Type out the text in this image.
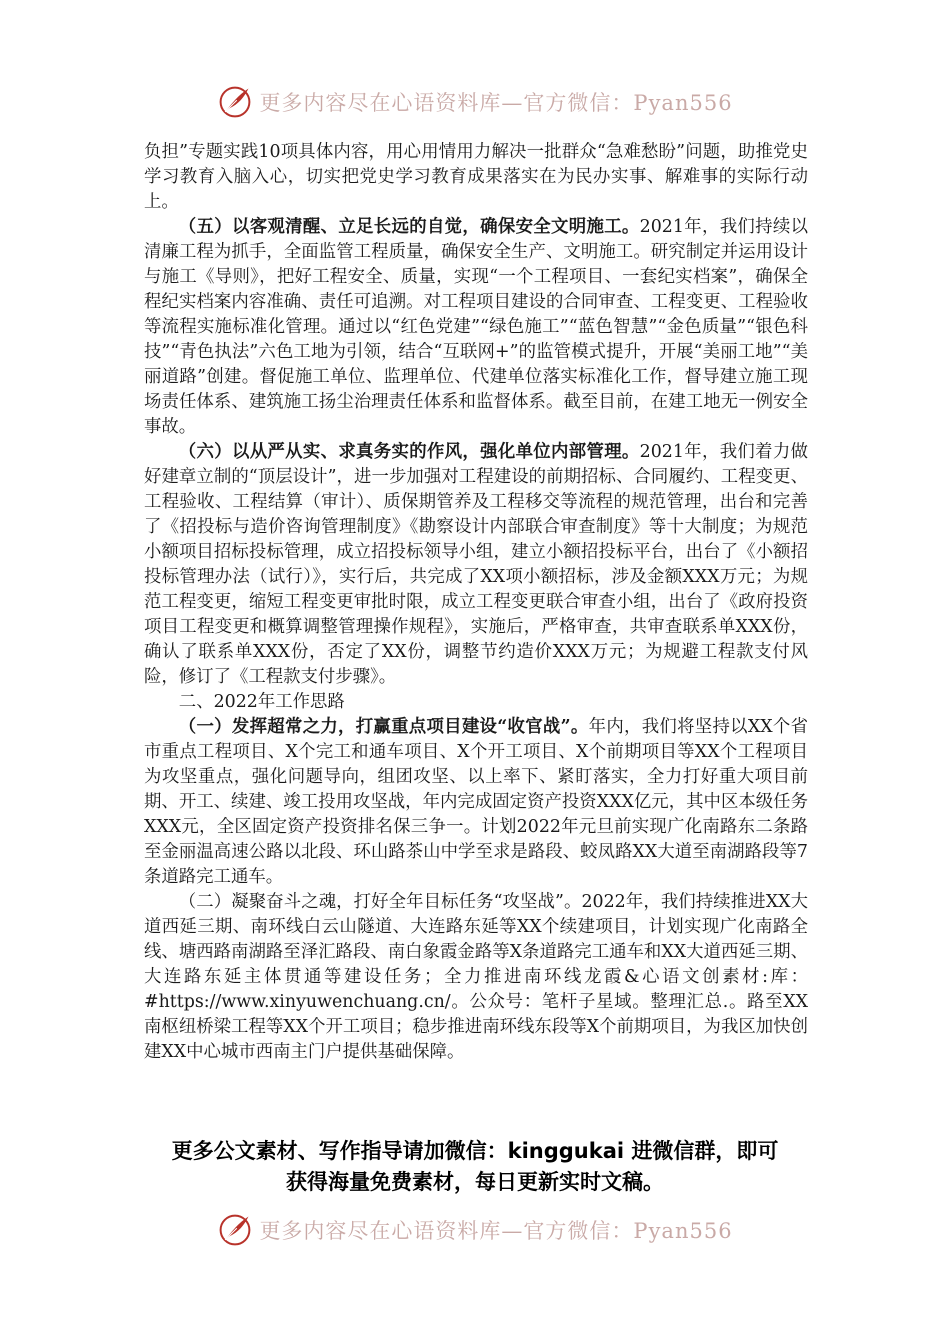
更多内容尽在心语资料库—官方微信：Pyan556

负担”专题实践10项具体内容，用心用情用力解决一批群众“急难愁盼”问题，助推党史学习教育入脑入心，切实把党史学习教育成果落实在为民办实事、解难事的实际行动上。

（五）以客观清醒、立足长远的自觉，确保安全文明施工。2021年，我们持续以清廉工程为抓手，全面监管工程质量，确保安全生产、文明施工。研究制定并运用设计与施工《导则》，把好工程安全、质量，实现“一个工程项目、一套纪实档案”，确保全程纪实档案内容准确、责任可追溯。对工程项目建设的合同审查、工程变更、工程验收等流程实施标准化管理。通过以“红色党建”“绿色施工”“蓝色智慧”“金色质量”“银色科技”“青色执法”六色工地为引领，结合“互联网+”的监管模式提升，开展“美丽工地”“美丽道路”创建。督促施工单位、监理单位、代建单位落实标准化工作，督导建立施工现场责任体系、建筑施工扬尘治理责任体系和监督体系。截至目前，在建工地无一例安全事故。

（六）以从严从实、求真务实的作风，强化单位内部管理。2021年，我们着力做好建章立制的“顶层设计”，进一步加强对工程建设的前期招标、合同履约、工程变更、工程验收、工程结算（审计）、质保期管养及工程移交等流程的规范管理，出台和完善了《招投标与造价咨询管理制度》《勘察设计内部联合审查制度》等十大制度；为规范小额项目招标投标管理，成立招投标领导小组，建立小额招投标平台，出台了《小额招投标管理办法（试行）》，实行后，共完成了XX项小额招标，涉及金额XXX万元；为规范工程变更，缩短工程变更审批时限，成立工程变更联合审查小组，出台了《政府投资项目工程变更和概算调整管理操作规程》，实施后，严格审查，共审查联系单XXX份，确认了联系单XXX份，否定了XX份，调整节约造价XXX万元；为规避工程款支付风险，修订了《工程款支付步骤》。

二、2022年工作思路

（一）发挥超常之力，打赢重点项目建设“收官战”。年内，我们将坚持以XX个省市重点工程项目、X个完工和通车项目、X个开工项目、X个前期项目等XX个工程项目为攻坚重点，强化问题导向，组团攻坚、以上率下、紧盯落实，全力打好重大项目前期、开工、续建、竣工投用攻坚战，年内完成固定资产投资XXX亿元，其中区本级任务XXX元，全区固定资产投资排名保三争一。计划2022年元旦前实现广化南路东二条路至金丽温高速公路以北段、环山路茶山中学至求是路段、蛟凤路XX大道至南湖路段等7条道路完工通车。

（二）凝聚奋斗之魂，打好全年目标任务“攻坚战”。2022年，我们持续推进XX大道西延三期、南环线白云山隧道、大连路东延等XX个续建项目，计划实现广化南路全线、塘西路南湖路至泽汇路段、南白象霞金路等X条道路完工通车和XX大道西延三期、大连路东延主体贯通等建设任务；全力推进南环线龙霞&心语文创素材:库：#https://www.xinyuwenchuang.cn/。公众号：笔杆子星域。整理汇总.。路至XX南枢纽桥梁工程等XX个开工项目；稳步推进南环线东段等X个前期项目，为我区加快创建XX中心城市西南主门户提供基础保障。

更多公文素材、写作指导请加微信：kinggukai 进微信群，即可
获得海量免费素材，每日更新实时文稿。
更多内容尽在心语资料库—官方微信：Pyan556
